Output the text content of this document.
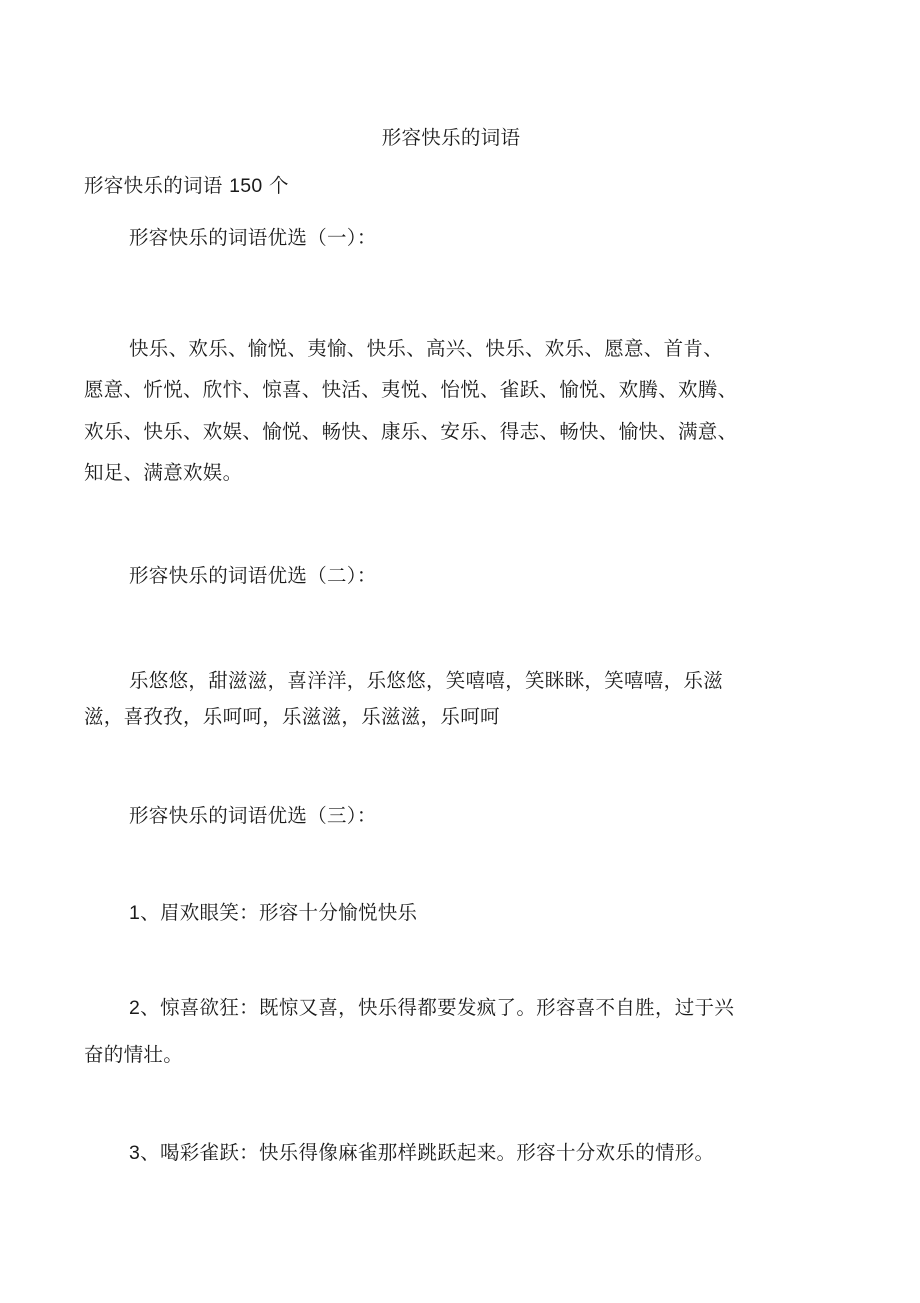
形容快乐的词语
形容快乐的词语 150 个
形容快乐的词语优选（一）：
快乐、欢乐、愉悦、夷愉、快乐、高兴、快乐、欢乐、愿意、首肯、
愿意、忻悦、欣忭、惊喜、快活、夷悦、怡悦、雀跃、愉悦、欢腾、欢腾、
欢乐、快乐、欢娱、愉悦、畅快、康乐、安乐、得志、畅快、愉快、满意、
知足、满意欢娱。
形容快乐的词语优选（二）：
乐悠悠，甜滋滋，喜洋洋，乐悠悠，笑嘻嘻，笑眯眯，笑嘻嘻，乐滋
滋，喜孜孜，乐呵呵，乐滋滋，乐滋滋，乐呵呵
形容快乐的词语优选（三）：
1、眉欢眼笑：形容十分愉悦快乐
2、惊喜欲狂：既惊又喜，快乐得都要发疯了。形容喜不自胜，过于兴
奋的情壮。
3、喝彩雀跃：快乐得像麻雀那样跳跃起来。形容十分欢乐的情形。
